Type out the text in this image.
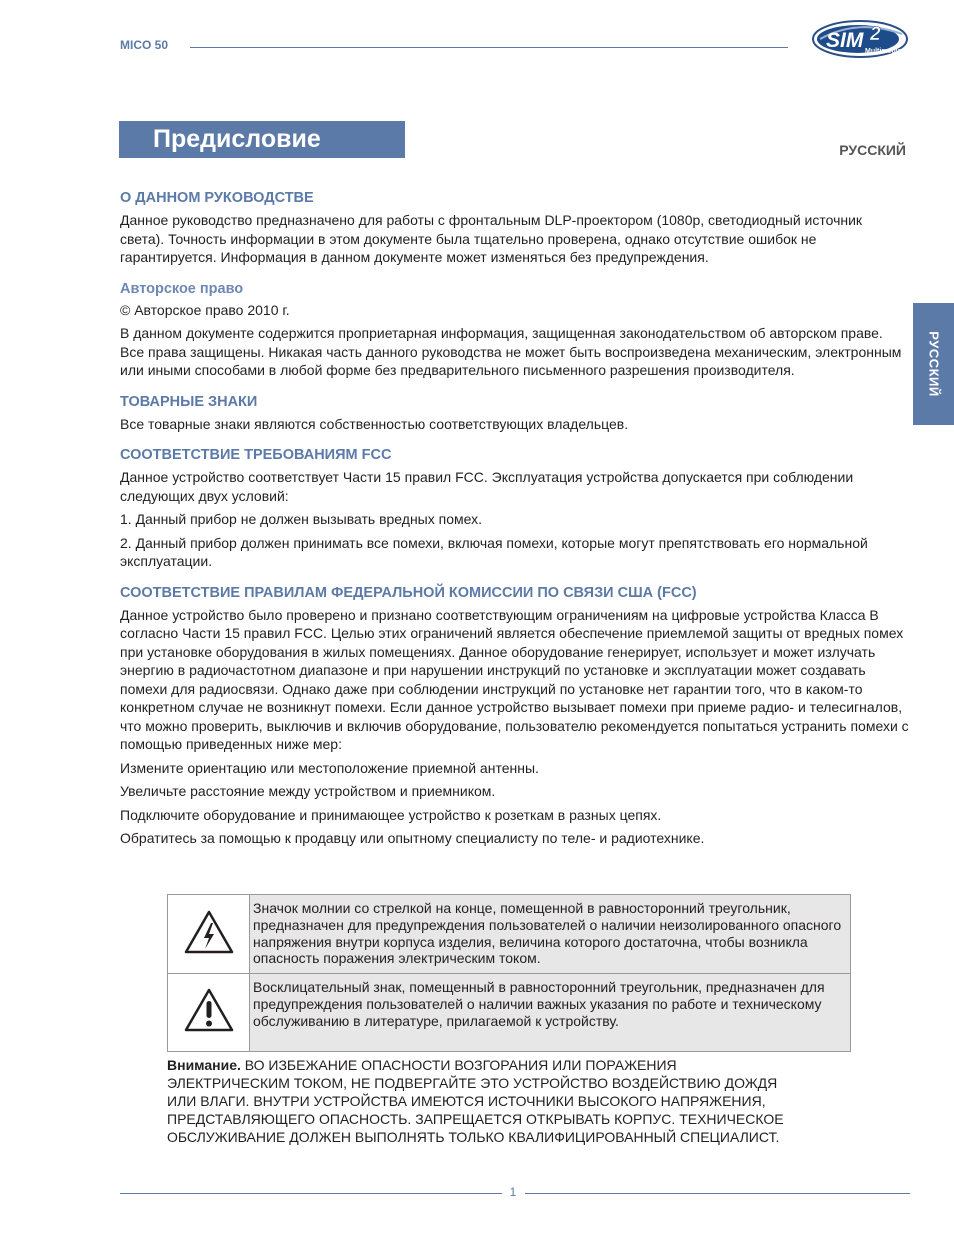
MICO 50	SIM 2
Multimedia
Предисловие	РУССКИЙ
РУССКИЙ
О ДАННОМ РУКОВОДСТВЕ

Данное руководство предназначено для работы с фронтальным DLP-проектором (1080р, светодиодный источник света). Точность информации в этом документе была тщательно проверена, однако отсутствие ошибок не гарантируется. Информация в данном документе может изменяться без предупреждения.

Авторское право

© Авторское право 2010 г.

В данном документе содержится проприетарная информация, защищенная законодательством об авторском праве. Все права защищены. Никакая часть данного руководства не может быть воспроизведена механическим, электронным или иными способами в любой форме без предварительного письменного разрешения производителя.

ТОВАРНЫЕ ЗНАКИ

Все товарные знаки являются собственностью соответствующих владельцев.

СООТВЕТСТВИЕ ТРЕБОВАНИЯМ FCC

Данное устройство соответствует Части 15 правил FCC. Эксплуатация устройства допускается при соблюдении следующих двух условий:

1. Данный прибор не должен вызывать вредных помех.

2. Данный прибор должен принимать все помехи, включая помехи, которые могут препятствовать его нормальной эксплуатации.

СООТВЕТСТВИЕ ПРАВИЛАМ ФЕДЕРАЛЬНОЙ КОМИССИИ ПО СВЯЗИ США (FCC)

Данное устройство было проверено и признано соответствующим ограничениям на цифровые устройства Класса В согласно Части 15 правил FCC. Целью этих ограничений является обеспечение приемлемой защиты от вредных помех при установке оборудования в жилых помещениях. Данное оборудование генерирует, использует и может излучать энергию в радиочастотном диапазоне и при нарушении инструкций по установке и эксплуатации может создавать помехи для радиосвязи. Однако даже при соблюдении инструкций по установке нет гарантии того, что в каком-то конкретном случае не возникнут помехи. Если данное устройство вызывает помехи при приеме радио- и телесигналов, что можно проверить, выключив и включив оборудование, пользователю рекомендуется попытаться устранить помехи с помощью приведенных ниже мер:

Измените ориентацию или местоположение приемной антенны.

Увеличьте расстояние между устройством и приемником.

Подключите оборудование и принимающее устройство к розеткам в разных цепях.

Обратитесь за помощью к продавцу или опытному специалисту по теле- и радиотехнике.

	Значок молнии со стрелкой на конце, помещенной в равносторонний треугольник, предназначен для предупреждения пользователей о наличии неизолированного опасного напряжения внутри корпуса изделия, величина которого достаточна, чтобы возникла опасность поражения электрическим током.
	Восклицательный знак, помещенный в равносторонний треугольник, предназначен для предупреждения пользователей о наличии важных указания по работе и техническому обслуживанию в литературе, прилагаемой к устройству.
Внимание. ВО ИЗБЕЖАНИЕ ОПАСНОСТИ ВОЗГОРАНИЯ ИЛИ ПОРАЖЕНИЯ ЭЛЕКТРИЧЕСКИМ ТОКОМ, НЕ ПОДВЕРГАЙТЕ ЭТО УСТРОЙСТВО ВОЗДЕЙСТВИЮ ДОЖДЯ ИЛИ ВЛАГИ. ВНУТРИ УСТРОЙСТВА ИМЕЮТСЯ ИСТОЧНИКИ ВЫСОКОГО НАПРЯЖЕНИЯ, ПРЕДСТАВЛЯЮЩЕГО ОПАСНОСТЬ. ЗАПРЕЩАЕТСЯ ОТКРЫВАТЬ КОРПУС. ТЕХНИЧЕСКОЕ ОБСЛУЖИВАНИЕ ДОЛЖЕН ВЫПОЛНЯТЬ ТОЛЬКО КВАЛИФИЦИРОВАННЫЙ СПЕЦИАЛИСТ.
1
